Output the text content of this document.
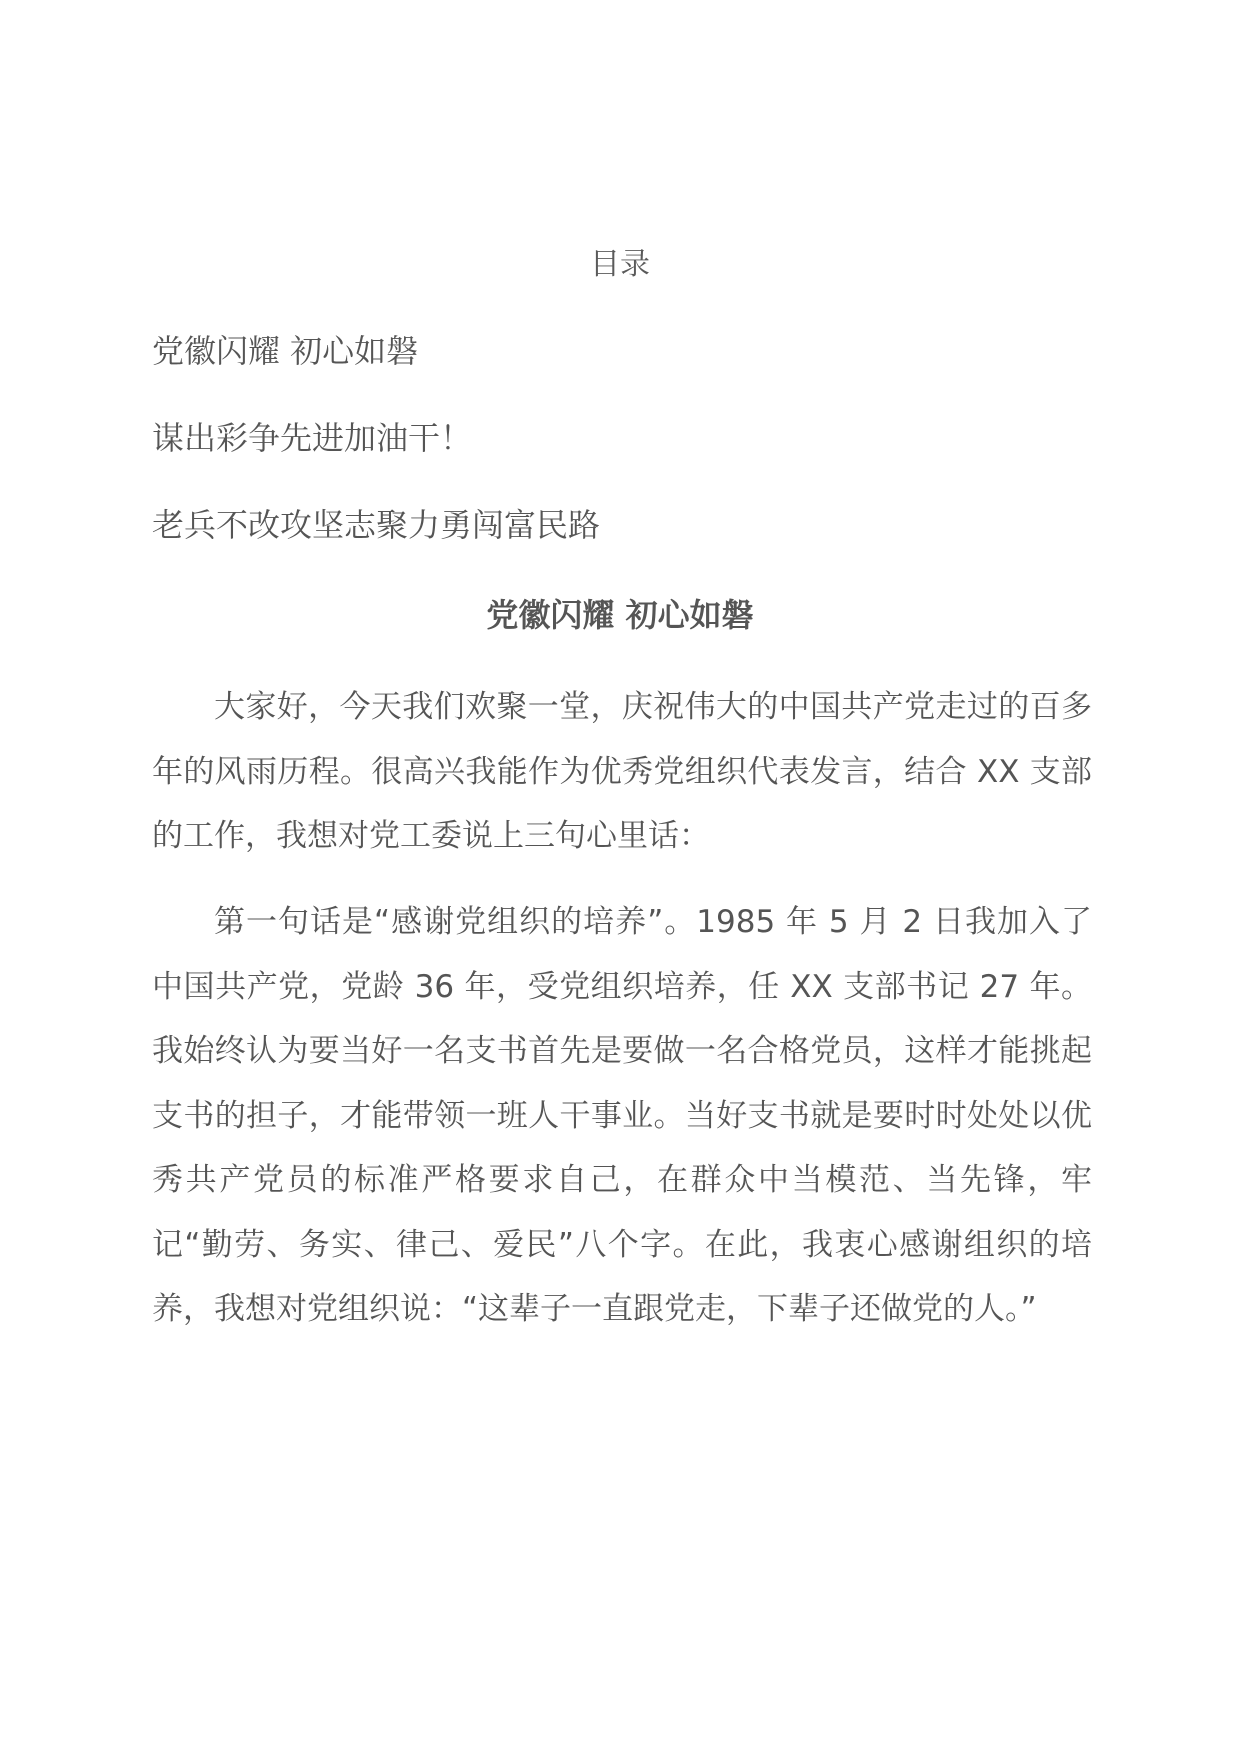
目录
党徽闪耀 初心如磐
谋出彩争先进加油干！
老兵不改攻坚志聚力勇闯富民路
党徽闪耀 初心如磐

大家好，今天我们欢聚一堂，庆祝伟大的中国共产党走过的百多年的风雨历程。很高兴我能作为优秀党组织代表发言，结合 XX 支部的工作，我想对党工委说上三句心里话：

第一句话是“感谢党组织的培养”。1985 年 5 月 2 日我加入了中国共产党，党龄 36 年，受党组织培养，任 XX 支部书记 27 年。我始终认为要当好一名支书首先是要做一名合格党员，这样才能挑起支书的担子，才能带领一班人干事业。当好支书就是要时时处处以优秀共产党员的标准严格要求自己，在群众中当模范、当先锋，牢记“勤劳、务实、律己、爱民”八个字。在此，我衷心感谢组织的培养，我想对党组织说：“这辈子一直跟党走，下辈子还做党的人。”
